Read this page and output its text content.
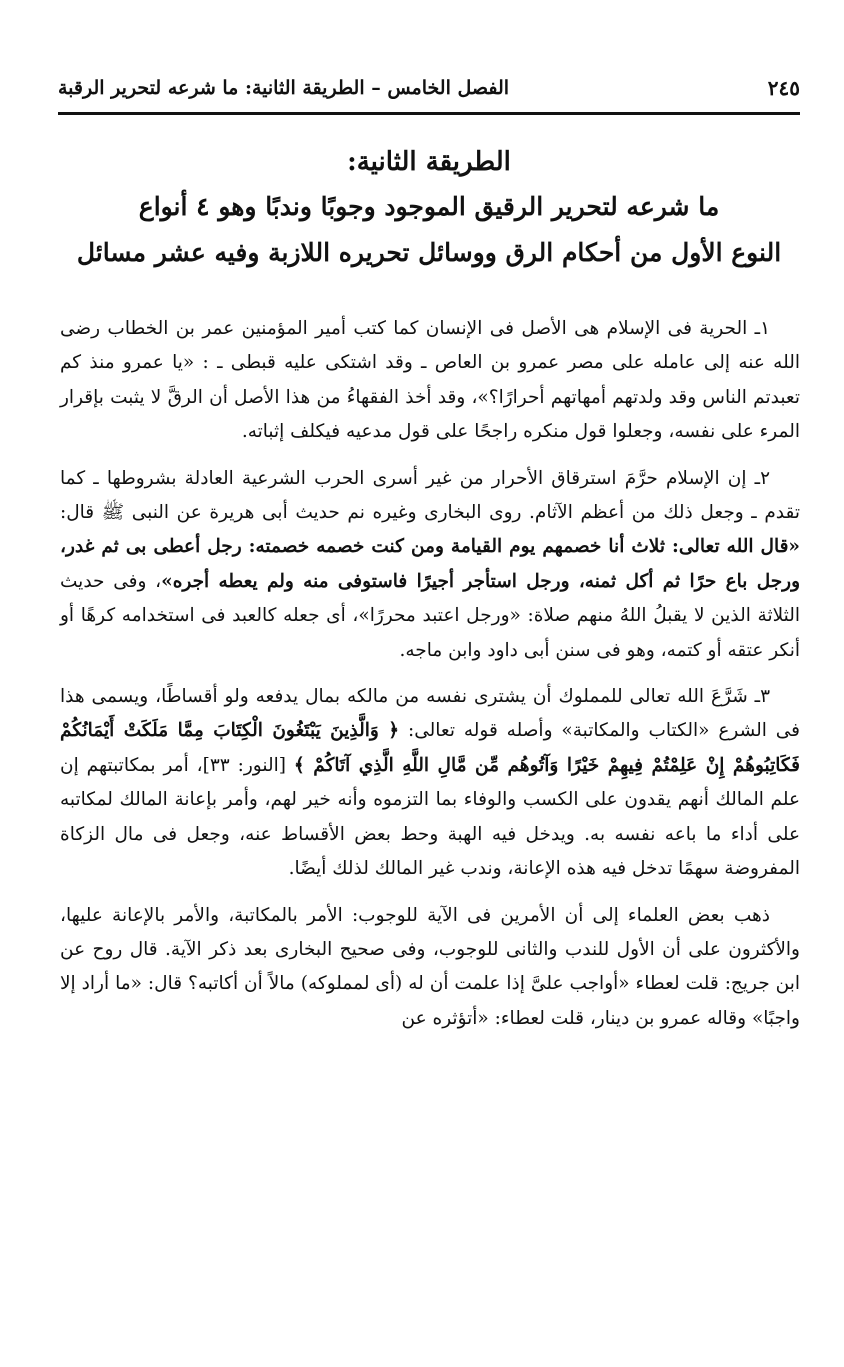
٢٤٥
الفصل الخامس – الطريقة الثانية: ما شرعه لتحرير الرقبة
الطريقة الثانية:
ما شرعه لتحرير الرقيق الموجود وجوبًا وندبًا وهو ٤ أنواع
النوع الأول من أحكام الرق ووسائل تحريره اللازبة وفيه عشر مسائل

١ـ الحرية فى الإسلام هى الأصل فى الإنسان كما كتب أمير المؤمنين عمر بن الخطاب رضى الله عنه إلى عامله على مصر عمرو بن العاص ـ وقد اشتكى عليه قبطى ـ : «يا عمرو منذ كم تعبدتم الناس وقد ولدتهم أمهاتهم أحرارًا؟»، وقد أخذ الفقهاءُ من هذا الأصل أن الرقَّ لا يثبت بإقرار المرء على نفسه، وجعلوا قول منكره راجحًا على قول مدعيه فيكلف إثباته.

٢ـ إن الإسلام حرَّمَ استرقاق الأحرار من غير أسرى الحرب الشرعية العادلة بشروطها ـ كما تقدم ـ وجعل ذلك من أعظم الآثام. روى البخارى وغيره نم حديث أبى هريرة عن النبى ﷺ قال: «قال الله تعالى: ثلاث أنا خصمهم يوم القيامة ومن كنت خصمه خصمته: رجل أعطى بى ثم غدر، ورجل باع حرًا ثم أكل ثمنه، ورجل استأجر أجيرًا فاستوفى منه ولم يعطه أجره»، وفى حديث الثلاثة الذين لا يقبلُ اللهُ منهم صلاة: «ورجل اعتبد محررًا»، أى جعله كالعبد فى استخدامه كرهًا أو أنكر عتقه أو كتمه، وهو فى سنن أبى داود وابن ماجه.

٣ـ شَرَّعَ الله تعالى للمملوك أن يشترى نفسه من مالكه بمال يدفعه ولو أقساطًا، ويسمى هذا فى الشرع «الكتاب والمكاتبة» وأصله قوله تعالى: ﴿ وَالَّذِينَ يَبْتَغُونَ الْكِتَابَ مِمَّا مَلَكَتْ أَيْمَانُكُمْ فَكَاتِبُوهُمْ إِنْ عَلِمْتُمْ فِيهِمْ خَيْرًا وَآتُوهُم مِّن مَّالِ اللَّهِ الَّذِي آتَاكُمْ ﴾ [النور: ٣٣]، أمر بمكاتبتهم إن علم المالك أنهم يقدون على الكسب والوفاء بما التزموه وأنه خير لهم، وأمر بإعانة المالك لمكاتبه على أداء ما باعه نفسه به. ويدخل فيه الهبة وحط بعض الأقساط عنه، وجعل فى مال الزكاة المفروضة سهمًا تدخل فيه هذه الإعانة، وندب غير المالك لذلك أيضًا.

ذهب بعض العلماء إلى أن الأمرين فى الآية للوجوب: الأمر بالمكاتبة، والأمر بالإعانة عليها، والأكثرون على أن الأول للندب والثانى للوجوب، وفى صحيح البخارى بعد ذكر الآية. قال روح عن ابن جريج: قلت لعطاء «أواجب علىَّ إذا علمت أن له (أى لمملوكه) مالاً أن أكاتبه؟ قال: «ما أراد إلا واجبًا» وقاله عمرو بن دينار، قلت لعطاء: «أتؤثره عن
